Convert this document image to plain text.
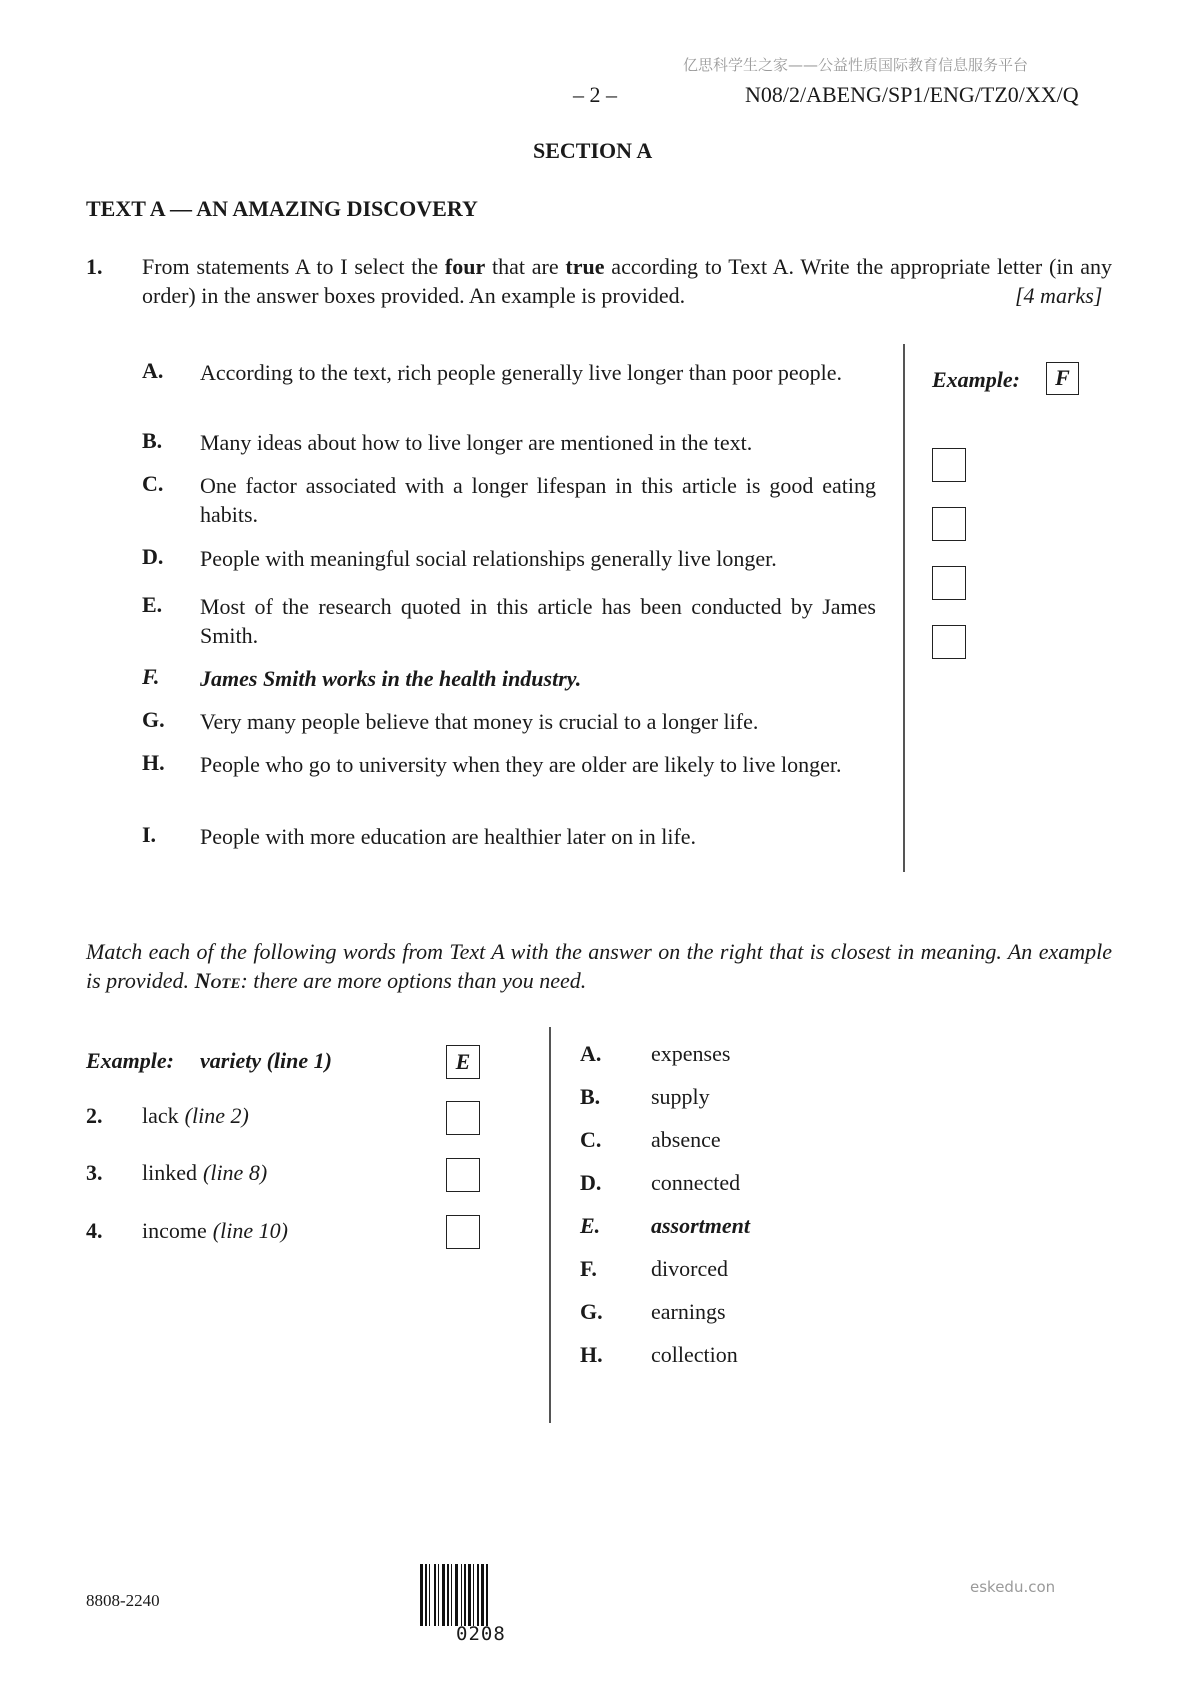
亿思科学生之家——公益性质国际教育信息服务平台
– 2 –	N08/2/ABENG/SP1/ENG/TZ0/XX/Q
SECTION A
TEXT A — AN AMAZING DISCOVERY
1. From statements A to I select the four that are true according to Text A. Write the appropriate letter (in any order) in the answer boxes provided. An example is provided.	[4 marks]
A. According to the text, rich people generally live longer than poor people.
B. Many ideas about how to live longer are mentioned in the text.
C. One factor associated with a longer lifespan in this article is good eating habits.
D. People with meaningful social relationships generally live longer.
E. Most of the research quoted in this article has been conducted by James Smith.
F. James Smith works in the health industry.
G. Very many people believe that money is crucial to a longer life.
H. People who go to university when they are older are likely to live longer.
I. People with more education are healthier later on in life.
Example:	F
Match each of the following words from Text A with the answer on the right that is closest in meaning. An example is provided. Note: there are more options than you need.
Example: variety (line 1)	E
2. lack (line 2)
3. linked (line 8)
4. income (line 10)
A. expenses
B. supply
C. absence
D. connected
E. assortment
F. divorced
G. earnings
H. collection
8808-2240
0208
eskedu.con
